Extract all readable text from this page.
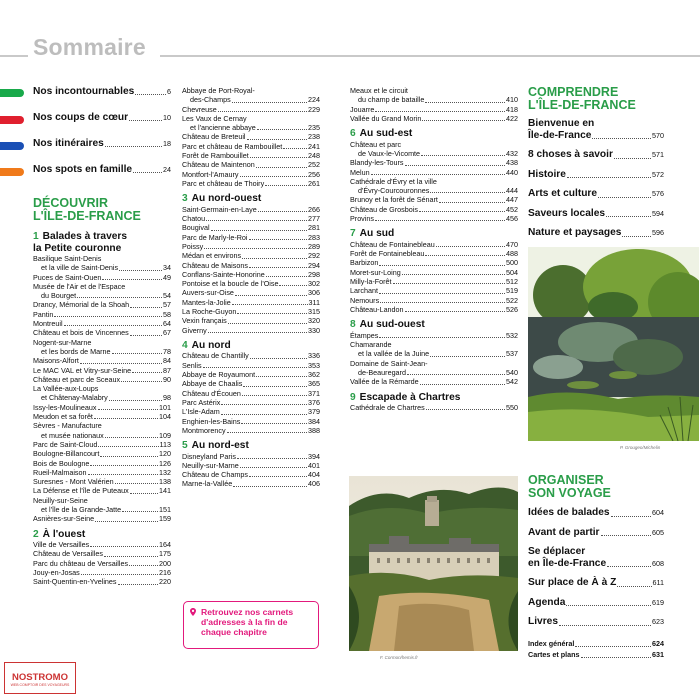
Sommaire
Nos incontournables	6
Nos coups de cœur	10
Nos itinéraires	18
Nos spots en famille	24
DÉCOUVRIR
L'ÎLE-DE-FRANCE
1 Balades à travers
la Petite couronne
Basilique Saint-Denis
et la ville de Saint-Denis	34
Puces de Saint-Ouen	49
Musée de l'Air et de l'Espace
du Bourget	54
Drancy, Mémorial de la Shoah	57
Pantin	58
Montreuil	64
Château et bois de Vincennes	67
Nogent-sur-Marne
et les bords de Marne	78
Maisons-Alfort	84
Le MAC VAL et Vitry-sur-Seine	87
Château et parc de Sceaux	90
La Vallée-aux-Loups
et Châtenay-Malabry	98
Issy-les-Moulineaux	101
Meudon et sa forêt	104
Sèvres - Manufacture
et musée nationaux	109
Parc de Saint-Cloud	113
Boulogne-Billancourt	120
Bois de Boulogne	126
Rueil-Malmaison	132
Suresnes - Mont Valérien	138
La Défense et l'île de Puteaux	141
Neuilly-sur-Seine
et l'île de la Grande-Jatte	151
Asnières-sur-Seine	159
2 À l'ouest
Ville de Versailles	164
Château de Versailles	175
Parc du château de Versailles	200
Jouy-en-Josas	216
Saint-Quentin-en-Yvelines	220
Abbaye de Port-Royal-
des-Champs	224
Chevreuse	229
Les Vaux de Cernay
et l'ancienne abbaye	235
Château de Breteuil	238
Parc et château de Rambouillet	241
Forêt de Rambouillet	248
Château de Maintenon	252
Montfort-l'Amaury	256
Parc et château de Thoiry	261
3 Au nord-ouest
Saint-Germain-en-Laye	266
Chatou	277
Bougival	281
Parc de Marly-le-Roi	283
Poissy	289
Médan et environs	292
Château de Maisons	294
Conflans-Sainte-Honorine	298
Pontoise et la boucle de l'Oise	302
Auvers-sur-Oise	306
Mantes-la-Jolie	311
La Roche-Guyon	315
Vexin français	320
Giverny	330
4 Au nord
Château de Chantilly	336
Senlis	353
Abbaye de Royaumont	362
Abbaye de Chaalis	365
Château d'Écouen	371
Parc Astérix	376
L'Isle-Adam	379
Enghien-les-Bains	384
Montmorency	388
5 Au nord-est
Disneyland Paris	394
Neuilly-sur-Marne	401
Château de Champs	404
Marne-la-Vallée	406
Retrouvez nos carnets d'adresses à la fin de chaque chapitre
Meaux et le circuit
du champ de bataille	410
Jouarre	418
Vallée du Grand Morin	422
6 Au sud-est
Château et parc
de Vaux-le-Vicomte	432
Blandy-les-Tours	438
Melun	440
Cathédrale d'Évry et la ville
d'Évry-Courcouronnes	444
Brunoy et la forêt de Sénart	447
Château de Grosbois	452
Provins	456
7 Au sud
Château de Fontainebleau	470
Forêt de Fontainebleau	488
Barbizon	500
Moret-sur-Loing	504
Milly-la-Forêt	512
Larchant	519
Nemours	522
Château-Landon	526
8 Au sud-ouest
Étampes	532
Chamarande
et la vallée de la Juine	537
Domaine de Saint-Jean-
de-Beauregard	540
Vallée de la Rémarde	542
9 Escapade à Chartres
Cathédrale de Chartres	550
F. Cormon/hemis.fr
COMPRENDRE
L'ÎLE-DE-FRANCE
Bienvenue en
Île-de-France	570
8 choses à savoir	571
Histoire	572
Arts et culture	576
Saveurs locales	594
Nature et paysages	596
P. Grougeo/Michelin
ORGANISER
SON VOYAGE
Idées de balades	604
Avant de partir	605
Se déplacer
en Île-de-France	608
Sur place de À à Z	611
Agenda	619
Livres	623
Index général	624
Cartes et plans	631
NOSTROMO
WEB COMPTOIR DES VOYAGEURS
